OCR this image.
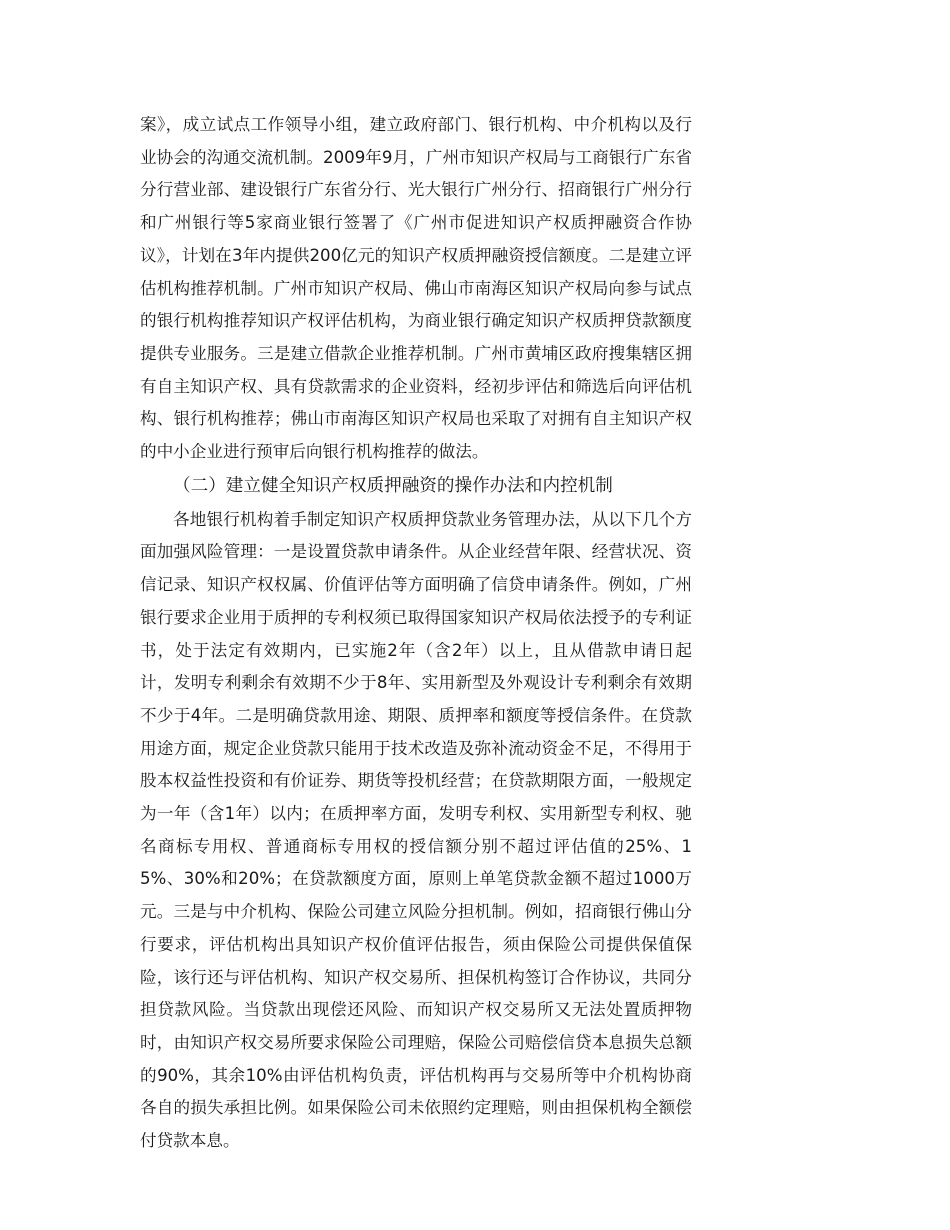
案》，成立试点工作领导小组，建立政府部门、银行机构、中介机构以及行业协会的沟通交流机制。2009年9月，广州市知识产权局与工商银行广东省分行营业部、建设银行广东省分行、光大银行广州分行、招商银行广州分行和广州银行等5家商业银行签署了《广州市促进知识产权质押融资合作协议》，计划在3年内提供200亿元的知识产权质押融资授信额度。二是建立评估机构推荐机制。广州市知识产权局、佛山市南海区知识产权局向参与试点的银行机构推荐知识产权评估机构，为商业银行确定知识产权质押贷款额度提供专业服务。三是建立借款企业推荐机制。广州市黄埔区政府搜集辖区拥有自主知识产权、具有贷款需求的企业资料，经初步评估和筛选后向评估机构、银行机构推荐；佛山市南海区知识产权局也采取了对拥有自主知识产权的中小企业进行预审后向银行机构推荐的做法。

（二）建立健全知识产权质押融资的操作办法和内控机制

各地银行机构着手制定知识产权质押贷款业务管理办法，从以下几个方面加强风险管理：一是设置贷款申请条件。从企业经营年限、经营状况、资信记录、知识产权权属、价值评估等方面明确了信贷申请条件。例如，广州银行要求企业用于质押的专利权须已取得国家知识产权局依法授予的专利证书，处于法定有效期内，已实施2年（含2年）以上，且从借款申请日起计，发明专利剩余有效期不少于8年、实用新型及外观设计专利剩余有效期不少于4年。二是明确贷款用途、期限、质押率和额度等授信条件。在贷款用途方面，规定企业贷款只能用于技术改造及弥补流动资金不足，不得用于股本权益性投资和有价证券、期货等投机经营；在贷款期限方面，一般规定为一年（含1年）以内；在质押率方面，发明专利权、实用新型专利权、驰名商标专用权、普通商标专用权的授信额分别不超过评估值的25%、15%、30%和20%；在贷款额度方面，原则上单笔贷款金额不超过1000万元。三是与中介机构、保险公司建立风险分担机制。例如，招商银行佛山分行要求，评估机构出具知识产权价值评估报告，须由保险公司提供保值保险，该行还与评估机构、知识产权交易所、担保机构签订合作协议，共同分担贷款风险。当贷款出现偿还风险、而知识产权交易所又无法处置质押物时，由知识产权交易所要求保险公司理赔，保险公司赔偿信贷本息损失总额的90%，其余10%由评估机构负责，评估机构再与交易所等中介机构协商各自的损失承担比例。如果保险公司未依照约定理赔，则由担保机构全额偿付贷款本息。
